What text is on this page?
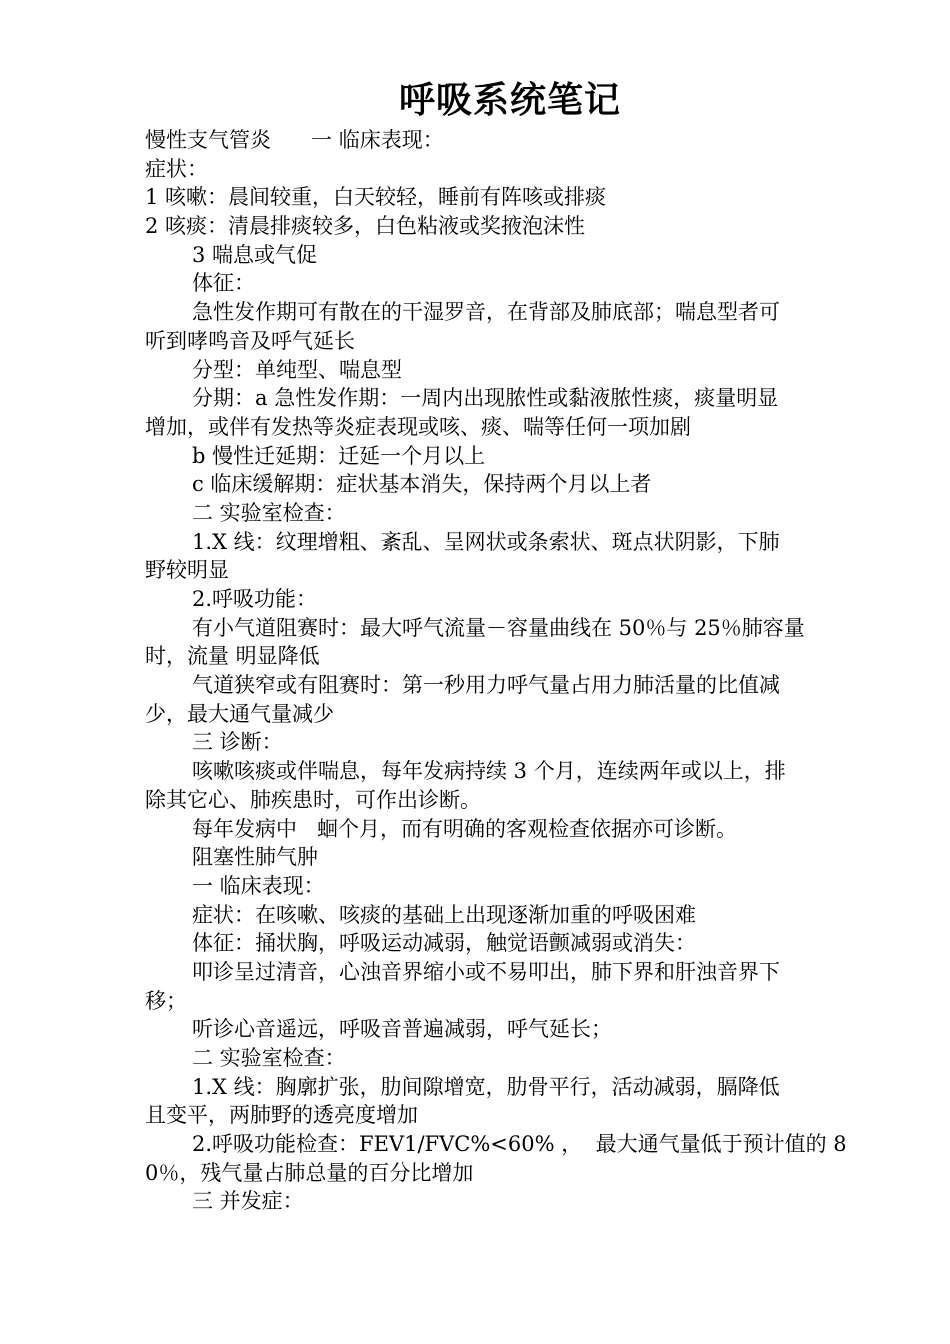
呼吸系统笔记
慢性支气管炎      一 临床表现：
症状：
1 咳嗽：晨间较重，白天较轻，睡前有阵咳或排痰
2 咳痰：清晨排痰较多，白色粘液或奖掖泡沫性
3 喘息或气促
体征：
急性发作期可有散在的干湿罗音，在背部及肺底部；喘息型者可
听到哮鸣音及呼气延长
分型：单纯型、喘息型
分期：a 急性发作期：一周内出现脓性或黏液脓性痰，痰量明显
增加，或伴有发热等炎症表现或咳、痰、喘等任何一项加剧
b 慢性迁延期：迁延一个月以上
c 临床缓解期：症状基本消失，保持两个月以上者
二 实验室检查：
1.X 线：纹理增粗、紊乱、呈网状或条索状、斑点状阴影，下肺
野较明显
2.呼吸功能：
有小气道阻赛时：最大呼气流量－容量曲线在 50％与 25％肺容量
时，流量 明显降低
气道狭窄或有阻赛时：第一秒用力呼气量占用力肺活量的比值减
少，最大通气量减少
三 诊断：
咳嗽咳痰或伴喘息，每年发病持续 3 个月，连续两年或以上，排
除其它心、肺疾患时，可作出诊断。
每年发病中   蛔个月，而有明确的客观检查依据亦可诊断。
阻塞性肺气肿
一 临床表现：
症状：在咳嗽、咳痰的基础上出现逐渐加重的呼吸困难
体征：捅状胸，呼吸运动减弱，触觉语颤减弱或消失：
叩诊呈过清音，心浊音界缩小或不易叩出，肺下界和肝浊音界下
移；
听诊心音遥远，呼吸音普遍减弱，呼气延长；
二 实验室检查：
1.X 线：胸廓扩张，肋间隙增宽，肋骨平行，活动减弱，膈降低
且变平，两肺野的透亮度增加
2.呼吸功能检查：FEV1/FVC%<60% ，  最大通气量低于预计值的 8
0％，残气量占肺总量的百分比增加
三 并发症：
